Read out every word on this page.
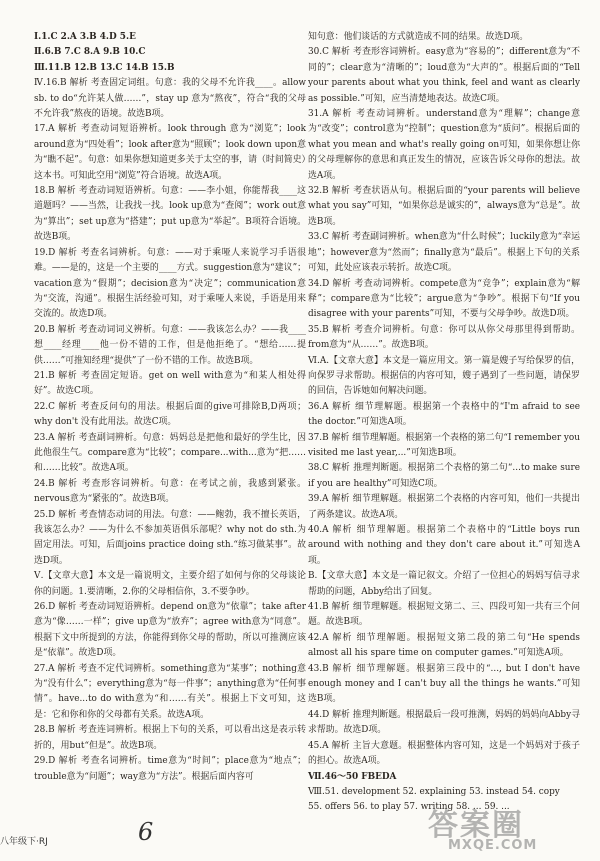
Ⅰ.1.C 2.A 3.B 4.D 5.E

Ⅱ.6.B 7.C 8.A 9.B 10.C

Ⅲ.11.B 12.B 13.C 14.B 15.B

Ⅳ.16.B 解析 考查固定词组。句意：我的父母不允许我____。allow sb. to do“允许某人做……”，stay up 意为“熬夜”，符合“我的父母不允许我”熬夜的语境。故选B项。

17.A 解析 考查动词短语辨析。look through 意为“浏览”；look around意为“四处看”；look after意为“照顾”；look down upon意为“瞧不起”。句意：如果你想知道更多关于太空的事，请（时间简史）这本书。可知此空用“浏览”符合语境。故选A项。

18.B 解析 考查动词短语辨析。句意：——李小姐，你能帮我____这道题吗？——当然，让我找一找。look up意为“查阅”；work out意为“算出”；set up意为“搭建”；put up意为“举起”。B项符合语境。故选B项。

19.D 解析 考查名词辨析。句意：——对于乘哑人来说学习手语很难。——是的，这是一个主要的____方式。suggestion意为“建议”；vacation意为“假期”；decision意为“决定”；communication意为“交流，沟通”。根据生活经验可知，对于乘哑人来说，手语是用来交流的。故选D项。

20.B 解析 考查动词词义辨析。句意：——我该怎么办？——我____想____经理____他一份不错的工作，但是他拒绝了。“想给……提供……”可推知经理“提供”了一份不错的工作。故选B项。

21.B 解析 考查固定短语。get on well with意为“和某人相处得好”。故选C项。

22.C 解析 考查反问句的用法。根据后面的give可排除B,D两项；why don't 没有此用法。故选C项。

23.A 解析 考查副词辨析。句意：妈妈总是把他和最好的学生比，因此他很生气。compare意为“比较”；compare...with...意为“把……和……比较”。故选A项。

24.B 解析 考查形容词辨析。句意：在考试之前，我感到紧张。nervous意为“紧张的”。故选B项。

25.D 解析 考查情态动词的用法。句意：——鲍勃，我不擅长英语，我该怎么办？——为什么不参加英语俱乐部呢？why not do sth.为固定用法。可知，后面joins practice doing sth.“练习做某事”。故选D项。

Ⅴ.【文章大意】本文是一篇说明文，主要介绍了如何与你的父母谈论你的问题。1.要清晰，2.你的父母相信你，3.不要争吵。

26.D 解析 考查动词短语辨析。depend on意为“依靠”；take after意为“像……一样”；give up意为“放弃”；agree with意为“同意”。根据下文中所提到的方法，你能得到你父母的帮助，所以可推测应该是“依靠”。故选D项。

27.A 解析 考查不定代词辨析。something意为“某事”；nothing意为“没有什么”；everything意为“每一件事”；anything意为“任何事情”。have...to do with意为“和……有关”。根据上下文可知，这是：它和你和你的父母都有关系。故选A项。

28.B 解析 考查连词辨析。根据上下句的关系，可以看出这是表示转折的，用but“但是”。故选B项。

29.D 解析 考查名词辨析。time意为“时间”；place意为“地点”；trouble意为“问题”；way意为“方法”。根据后面内容可

知句意：他们谈话的方式就造成不同的结果。故选D项。

30.C 解析 考查形容词辨析。easy意为“容易的”；different意为“不同的”；clear意为“清晰的”；loud意为“大声的”。根据后面的“Tell your parents about what you think, feel and want as clearly as possible.”可知，应当清楚地表达。故选C项。

31.A 解析 考查动词辨析。understand意为“理解”；change意为“改变”；control意为“控制”；question意为“质问”。根据后面的what you mean and what's really going on可知，如果你想让你的父母理解你的意思和真正发生的情况，应该告诉父母你的想法。故选A项。

32.B 解析 考查状语从句。根据后面的“your parents will believe what you say”可知，“如果你总是诚实的”，always意为“总是”。故选B项。

33.C 解析 考查副词辨析。when意为“什么时候”；luckily意为“幸运地”；however意为“然而”；finally意为“最后”。根据上下句的关系可知，此处应该表示转折。故选C项。

34.D 解析 考查动词辨析。compete意为“竞争”；explain意为“解释”；compare意为“比较”；argue意为“争吵”。根据下句“If you disagree with your parents”可知，不要与父母争吵。故选D项。

35.B 解析 考查介词辨析。句意：你可以从你父母那里得到帮助。from意为“从……”。故选B项。

Ⅵ.A.【文章大意】本文是一篇应用文。第一篇是嫂子写给保罗的信，向保罗寻求帮助。根据信的内容可知，嫂子遇到了一些问题，请保罗的回信，告诉她如何解决问题。

36.A 解析 细节理解题。根据第一个表格中的“I'm afraid to see the doctor.”可知选A项。

37.B 解析 细节理解题。根据第一个表格的第二句“I remember you visited me last year,...”可知选B项。

38.C 解析 推理判断题。根据第二个表格的第二句“...to make sure if you are healthy”可知选C项。

39.A 解析 细节理解题。根据第二个表格的内容可知，他们一共提出了两条建议。故选A项。

40.A 解析 细节理解题。根据第二个表格中的“Little boys run around with nothing and they don't care about it.”可知选A项。

B.【文章大意】本文是一篇记叙文。介绍了一位担心的妈妈写信寻求帮助的问题，Abby给出了回复。

41.B 解析 细节理解题。根据短文第二、三、四段可知一共有三个问题。故选B项。

42.A 解析 细节理解题。根据短文第二段的第二句“He spends almost all his spare time on computer games.”可知选A项。

43.B 解析 细节理解题。根据第三段中的“..., but I don't have enough money and I can't buy all the things he wants.”可知选B项。

44.D 解析 推理判断题。根据最后一段可推测，妈妈的妈妈向Abby寻求帮助。故选D项。

45.A 解析 主旨大意题。根据整体内容可知，这是一个妈妈对于孩子的担心。故选A项。

Ⅶ.46～50 FBEDA

Ⅷ.51. development 52. explaining 53. instead 54. copy

55. offers 56. to play 57. writing 58. ... 59. ...

八年级下·RJ	6	答案圈
MXQE.COM
